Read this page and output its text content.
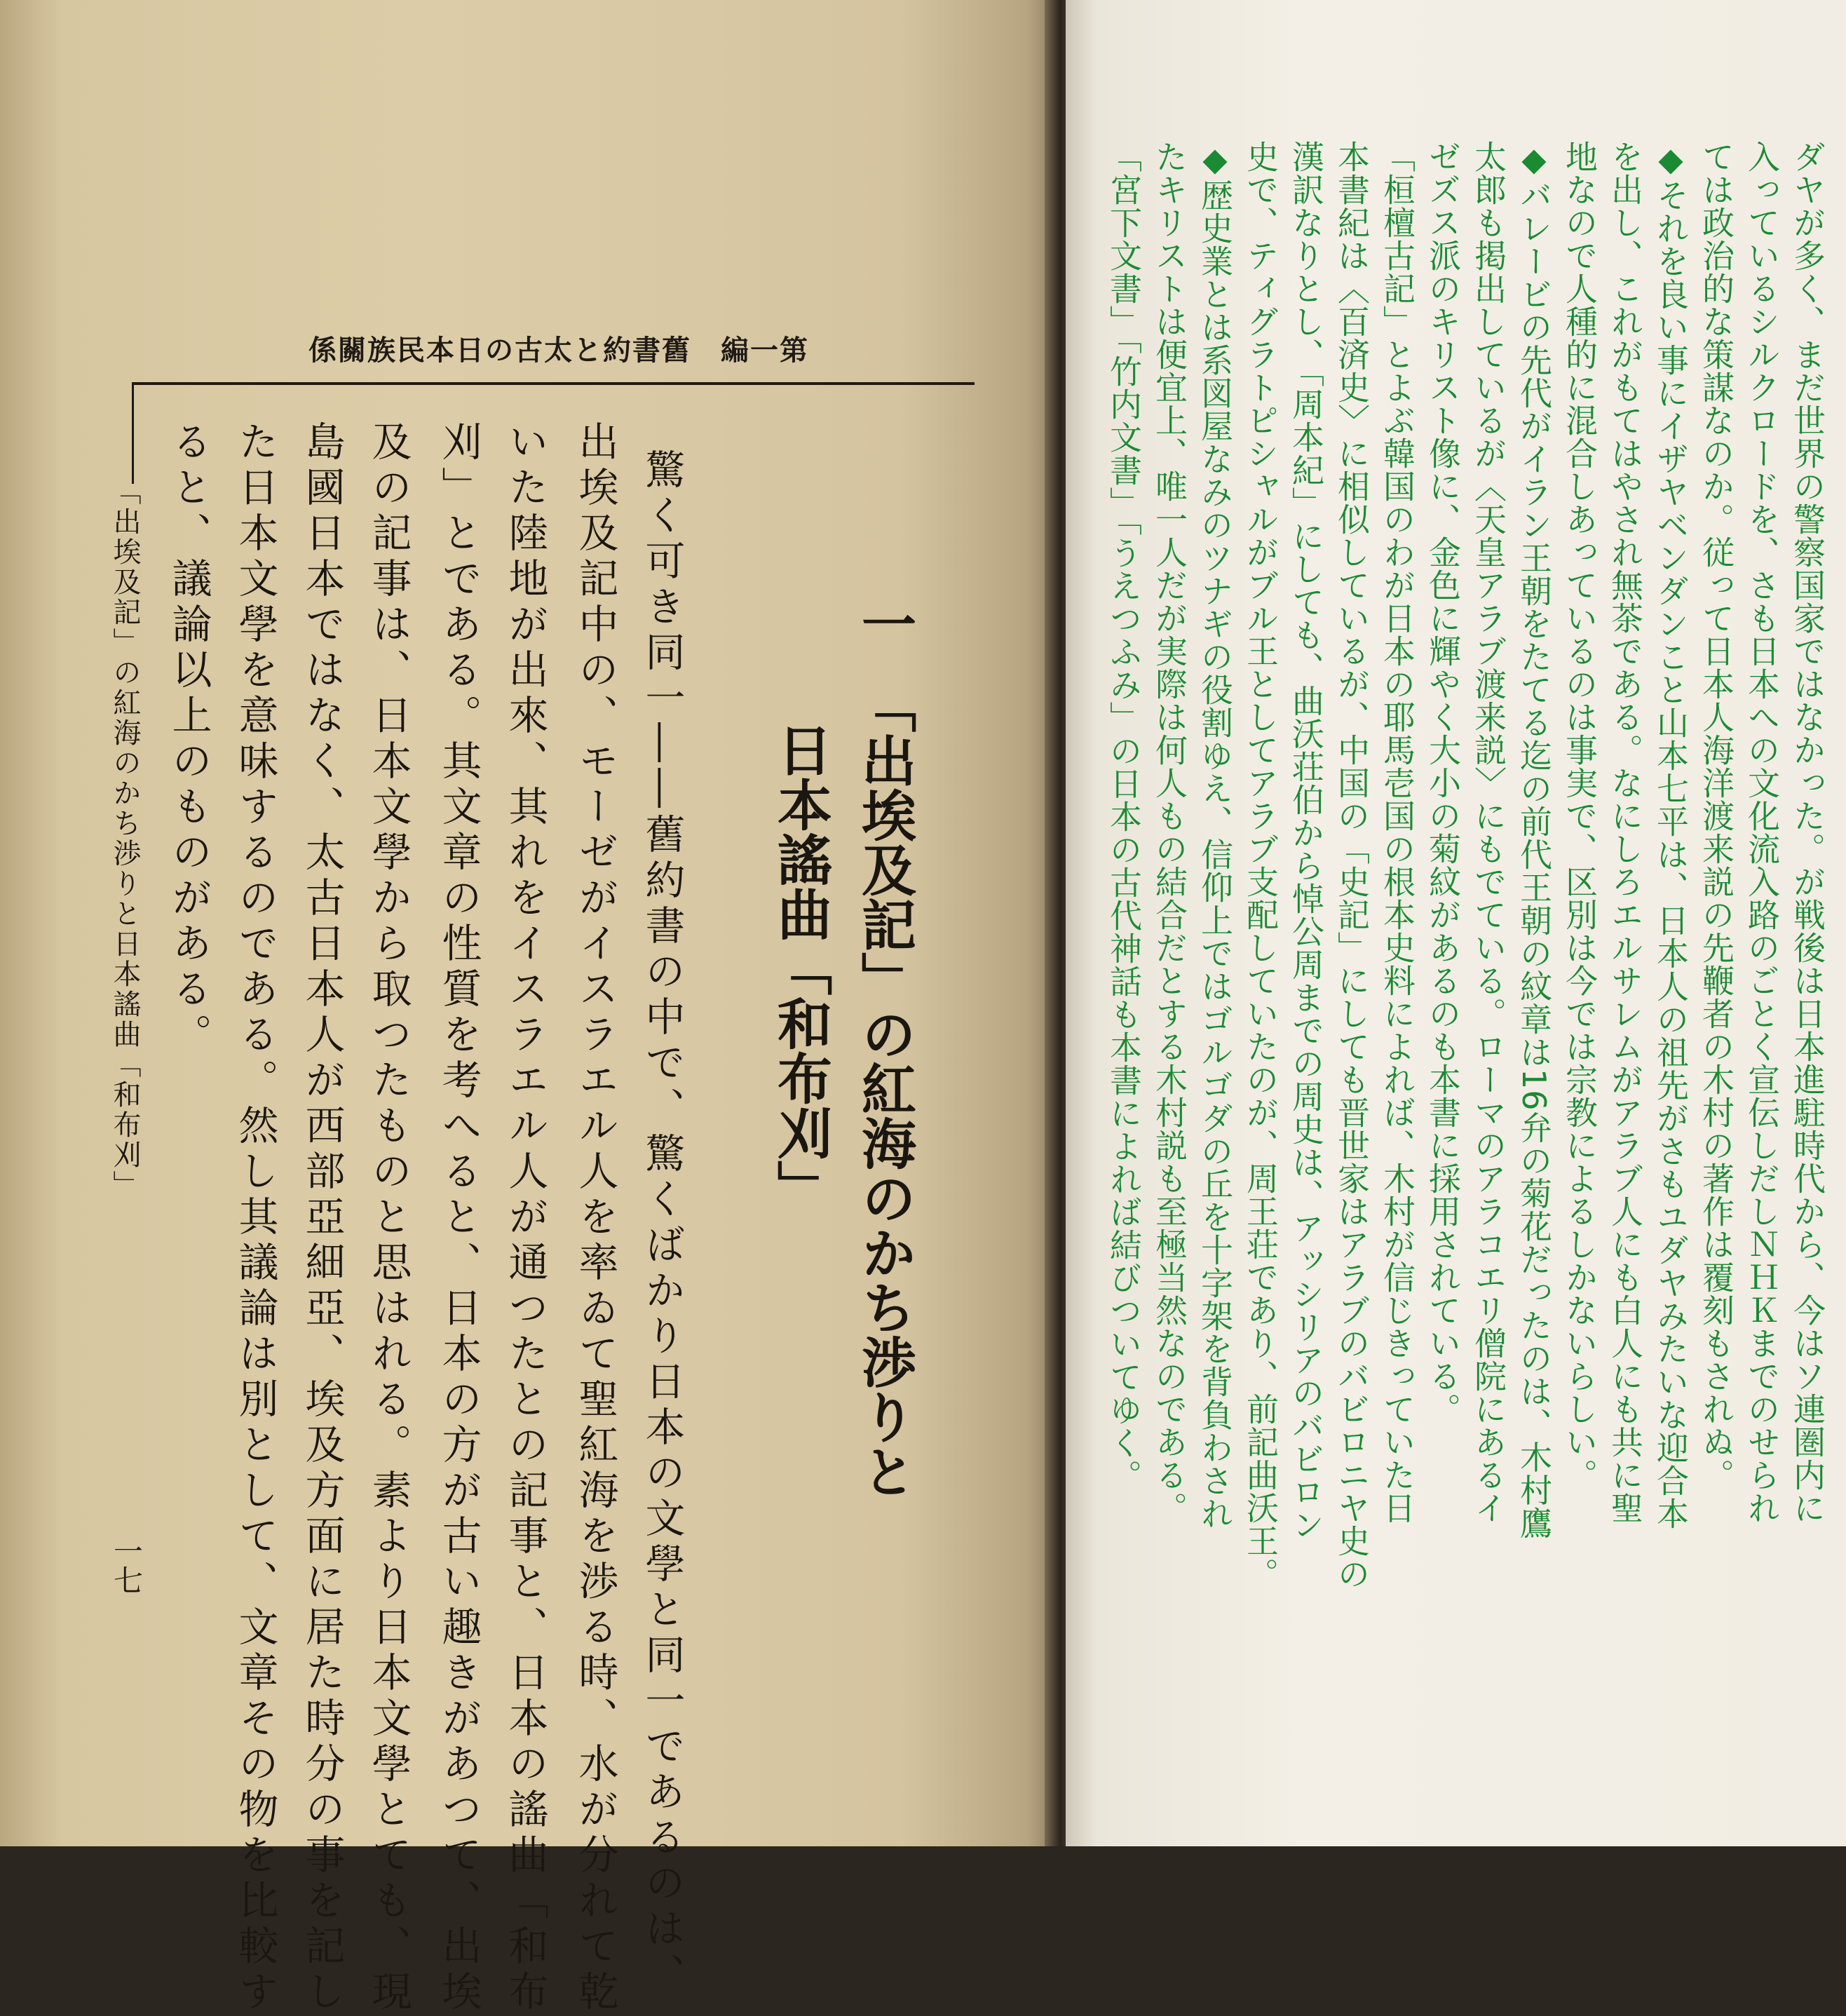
係關族民本日の古太と約書舊　編一第
一　「出埃及記」の紅海のかち渉りと
日本謠曲「和布刈」
驚く可き同一――舊約書の中で、驚くばかり日本の文學と同一であるのは、
出埃及記中の、モーゼがイスラエル人を率ゐて聖紅海を渉る時、水が分れて乾
いた陸地が出來、其れをイスラエル人が通つたとの記事と、日本の謠曲「和布
刈」とである。其文章の性質を考へると、日本の方が古い趣きがあつて、出埃
及の記事は、日本文學から取つたものと思はれる。素より日本文學とても、現
島國日本ではなく、太古日本人が西部亞細亞、埃及方面に居た時分の事を記し
た日本文學を意味するのである。然し其議論は別として、文章その物を比較す
ると、議論以上のものがある。
「出埃及記」の紅海のかち渉りと日本謠曲「和布刈」
一七
ダヤが多く、まだ世界の警察国家ではなかった。が戦後は日本進駐時代から、今はソ連圏内に
入っているシルクロードを、さも日本への文化流入路のごとく宣伝しだしＮＨＫまでのせられ
ては政治的な策謀なのか。従って日本人海洋渡来説の先鞭者の木村の著作は覆刻もされぬ。
◆それを良い事にイザヤベンダンこと山本七平は、日本人の祖先がさもユダヤみたいな迎合本
を出し、これがもてはやされ無茶である。なにしろエルサレムがアラブ人にも白人にも共に聖
地なので人種的に混合しあっているのは事実で、区別は今では宗教によるしかないらしい。
◆バレービの先代がイラン王朝をたてる迄の前代王朝の紋章は16弁の菊花だったのは、木村鷹
太郎も掲出しているが〈天皇アラブ渡来説〉にもでている。ローマのアラコエリ僧院にあるイ
ゼズス派のキリスト像に、金色に輝やく大小の菊紋があるのも本書に採用されている。
「桓檀古記」とよぶ韓国のわが日本の耶馬壱国の根本史料によれば、木村が信じきっていた日
本書紀は〈百済史〉に相似しているが、中国の「史記」にしても晋世家はアラブのバビロニヤ史の
漢訳なりとし、「周本紀」にしても、曲沃荘伯から悼公周までの周史は、アッシリアのバビロン
史で、ティグラトピシャルがブル王としてアラブ支配していたのが、周王荘であり、前記曲沃王。
◆歴史業とは系図屋なみのツナギの役割ゆえ、信仰上ではゴルゴダの丘を十字架を背負わされ
たキリストは便宜上、唯一人だが実際は何人もの結合だとする木村説も至極当然なのである。
「宮下文書」「竹内文書」「うえつふみ」の日本の古代神話も本書によれば結びついてゆく。
